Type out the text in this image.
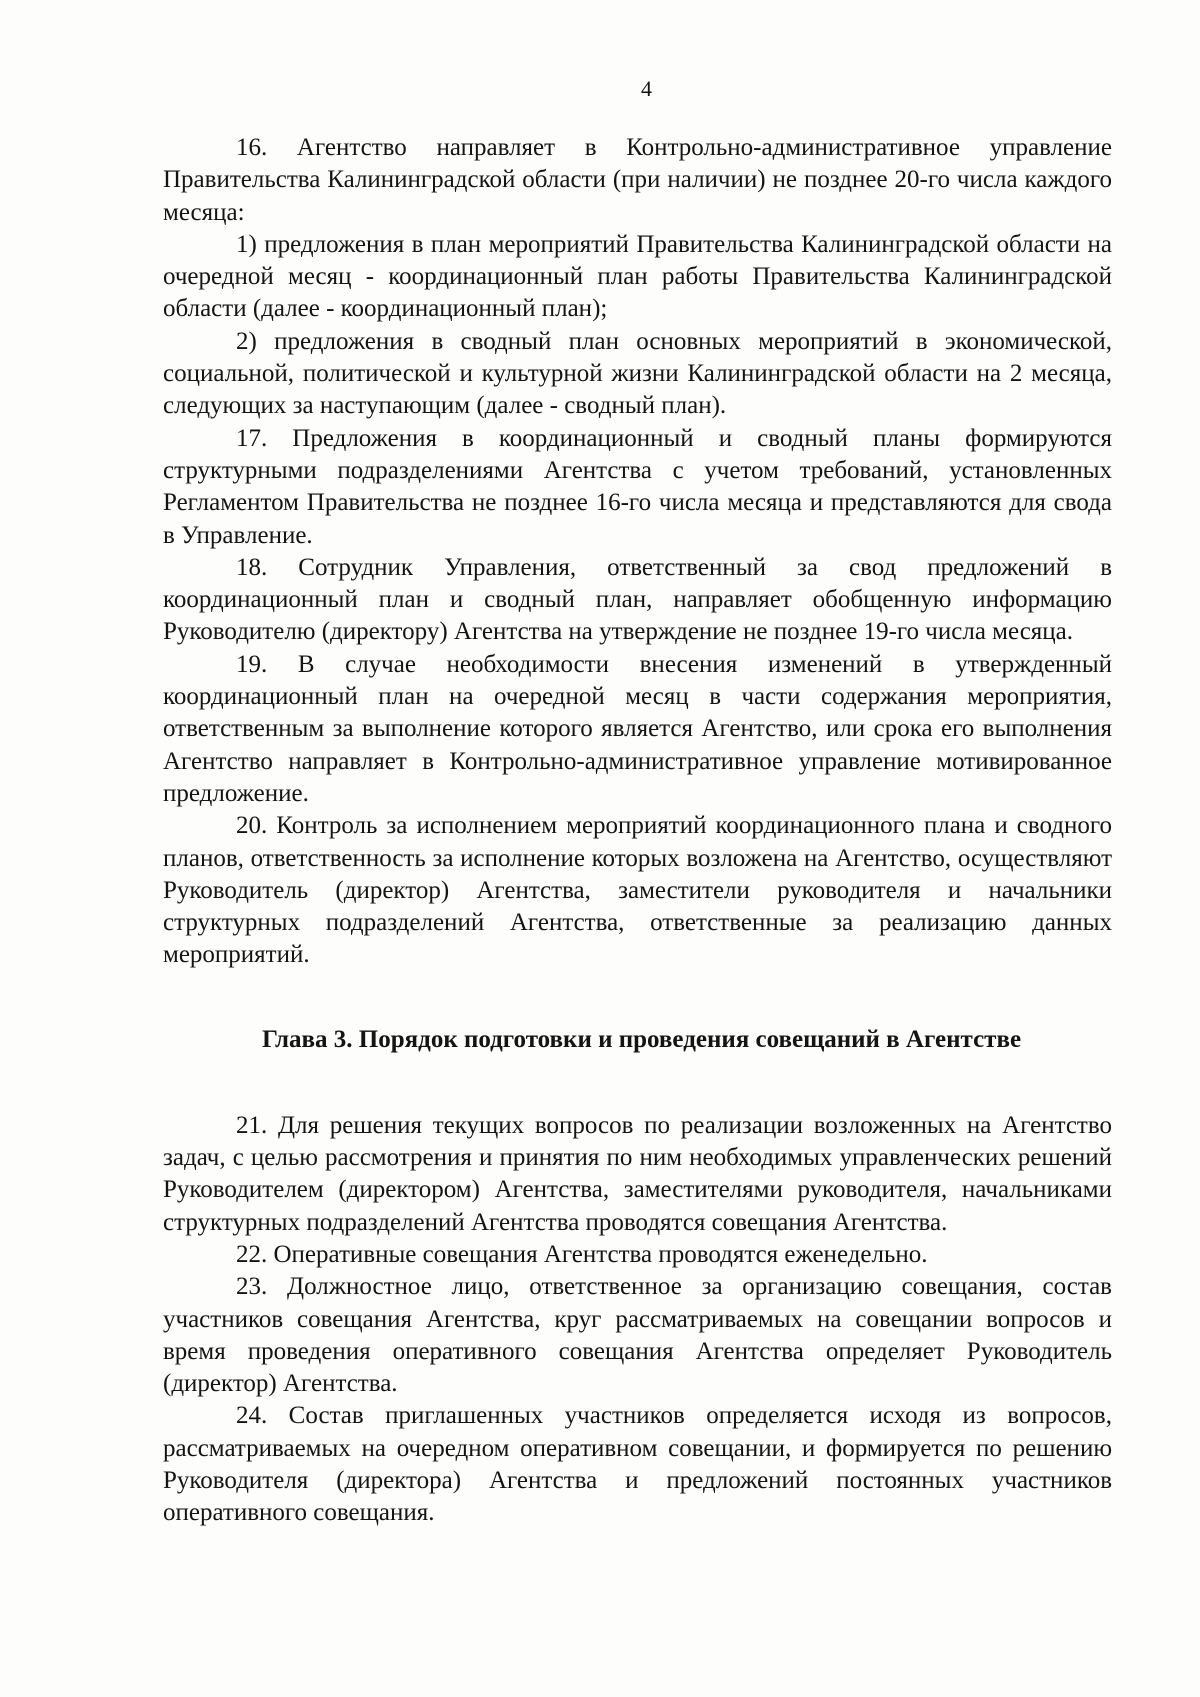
4

16. Агентство направляет в Контрольно-административное управление Правительства Калининградской области (при наличии) не позднее 20-го числа каждого месяца:

1) предложения в план мероприятий Правительства Калининградской области на очередной месяц - координационный план работы Правительства Калининградской области (далее - координационный план);

2) предложения в сводный план основных мероприятий в экономической, социальной, политической и культурной жизни Калининградской области на 2 месяца, следующих за наступающим (далее - сводный план).

17. Предложения в координационный и сводный планы формируются структурными подразделениями Агентства с учетом требований, установленных Регламентом Правительства не позднее 16-го числа месяца и представляются для свода в Управление.

18. Сотрудник Управления, ответственный за свод предложений в координационный план и сводный план, направляет обобщенную информацию Руководителю (директору) Агентства на утверждение не позднее 19-го числа месяца.

19. В случае необходимости внесения изменений в утвержденный координационный план на очередной месяц в части содержания мероприятия, ответственным за выполнение которого является Агентство, или срока его выполнения Агентство направляет в Контрольно-административное управление мотивированное предложение.

20. Контроль за исполнением мероприятий координационного плана и сводного планов, ответственность за исполнение которых возложена на Агентство, осуществляют Руководитель (директор) Агентства, заместители руководителя и начальники структурных подразделений Агентства, ответственные за реализацию данных мероприятий.

Глава 3. Порядок подготовки и проведения совещаний в Агентстве

21. Для решения текущих вопросов по реализации возложенных на Агентство задач, с целью рассмотрения и принятия по ним необходимых управленческих решений Руководителем (директором) Агентства, заместителями руководителя, начальниками структурных подразделений Агентства проводятся совещания Агентства.

22. Оперативные совещания Агентства проводятся еженедельно.

23. Должностное лицо, ответственное за организацию совещания, состав участников совещания Агентства, круг рассматриваемых на совещании вопросов и время проведения оперативного совещания Агентства определяет Руководитель (директор) Агентства.

24. Состав приглашенных участников определяется исходя из вопросов, рассматриваемых на очередном оперативном совещании, и формируется по решению Руководителя (директора) Агентства и предложений постоянных участников оперативного совещания.
